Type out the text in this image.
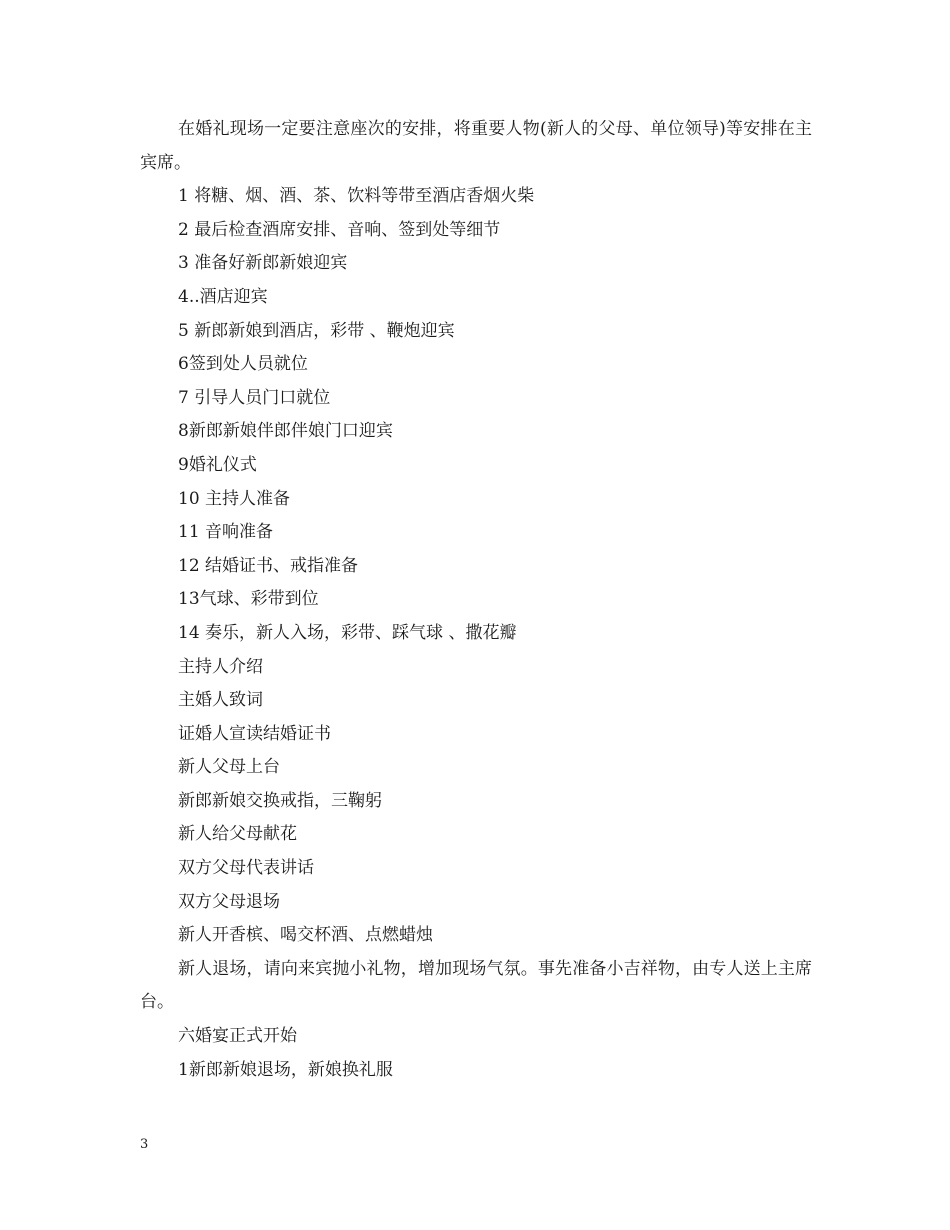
在婚礼现场一定要注意座次的安排，将重要人物(新人的父母、单位领导)等安排在主宾席。

1 将糖、烟、酒、茶、饮料等带至酒店香烟火柴

2 最后检查酒席安排、音响、签到处等细节

3 准备好新郎新娘迎宾

4..酒店迎宾

5 新郎新娘到酒店，彩带 、鞭炮迎宾

6签到处人员就位

7 引导人员门口就位

8新郎新娘伴郎伴娘门口迎宾

9婚礼仪式

10 主持人准备

11 音响准备

12 结婚证书、戒指准备

13气球、彩带到位

14 奏乐，新人入场，彩带、踩气球 、撒花瓣

主持人介绍

主婚人致词

证婚人宣读结婚证书

新人父母上台

新郎新娘交换戒指，三鞠躬

新人给父母献花

双方父母代表讲话

双方父母退场

新人开香槟、喝交杯酒、点燃蜡烛

新人退场，请向来宾抛小礼物，增加现场气氛。事先准备小吉祥物，由专人送上主席台。

六婚宴正式开始

1新郎新娘退场，新娘换礼服

3
